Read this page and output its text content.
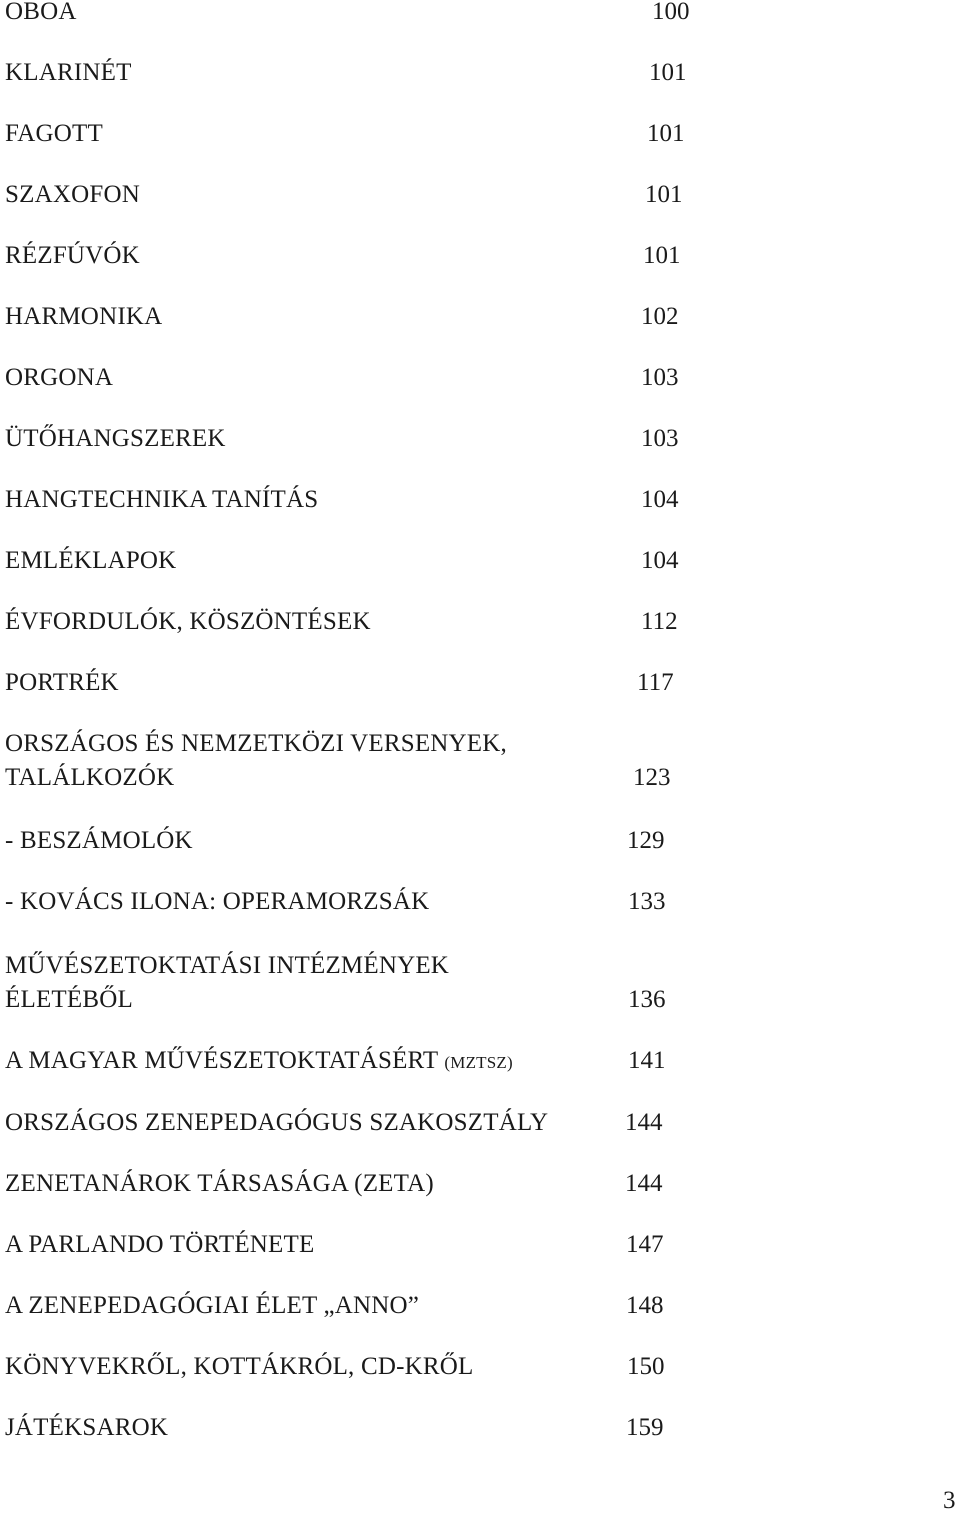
OBOA	100
KLARINÉT	101
FAGOTT	101
SZAXOFON	101
RÉZFÚVÓK	101
HARMONIKA	102
ORGONA	103
ÜTŐHANGSZEREK	103
HANGTECHNIKA TANÍTÁS	104
EMLÉKLAPOK	104
ÉVFORDULÓK, KÖSZÖNTÉSEK	112
PORTRÉK	117
ORSZÁGOS ÉS NEMZETKÖZI VERSENYEK,
TALÁLKOZÓK	123
- BESZÁMOLÓK	129
- KOVÁCS ILONA: OPERAMORZSÁK	133
MŰVÉSZETOKTATÁSI INTÉZMÉNYEK
ÉLETÉBŐL	136
A MAGYAR MŰVÉSZETOKTATÁSÉRT (MZTSZ)	141
ORSZÁGOS ZENEPEDAGÓGUS SZAKOSZTÁLY	144
ZENETANÁROK TÁRSASÁGA (ZETA)	144
A PARLANDO TÖRTÉNETE	147
A ZENEPEDAGÓGIAI ÉLET „ANNO”	148
KÖNYVEKRŐL, KOTTÁKRÓL, CD-KRŐL	150
JÁTÉKSAROK	159
3
